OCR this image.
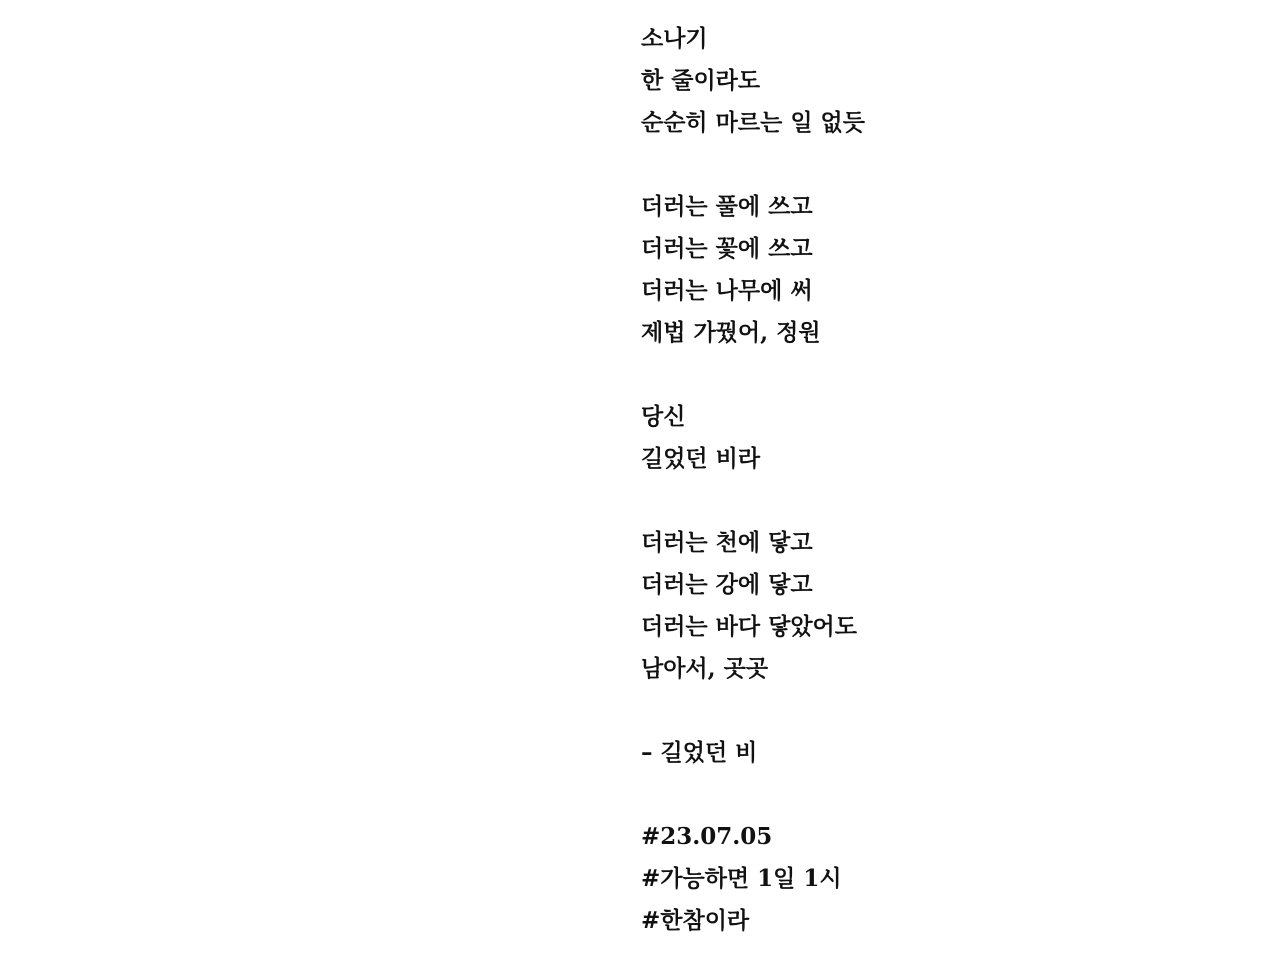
소나기
한 줄이라도
순순히 마르는 일 없듯
더러는 풀에 쓰고
더러는 꽃에 쓰고
더러는 나무에 써
제법 가꿨어, 정원
당신
길었던 비라
더러는 천에 닿고
더러는 강에 닿고
더러는 바다 닿았어도
남아서, 곳곳
– 길었던 비
#23.07.05
#가능하면 1일 1시
#한참이라
